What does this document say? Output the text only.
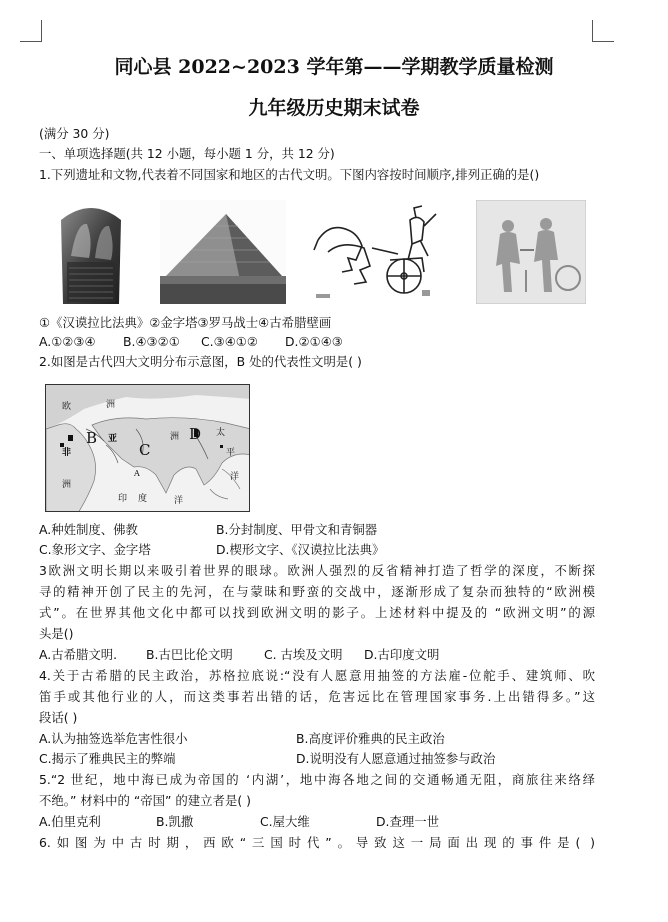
同心县 2022~2023 学年第——学期教学质量检测
九年级历史期末试卷
(满分 30 分)
一、单项选择题(共 12 小题，每小题 1 分，共 12 分)
1.下列遗址和文物,代表着不同国家和地区的古代文明。下图内容按时间顺序,排列正确的是()
①《汉谟拉比法典》②金字塔③罗马战士④古希腊壁画
A.①②③④ B.④③②① C.③④①② D.②①④③
2.如图是古代四大文明分布示意图，B 处的代表性文明是( )
欧	洲
B 亚
C
D
非
洲
洲	太
平
洋
印 度	洋
A
A.种姓制度、佛教	B.分封制度、甲骨文和青铜器
C.象形文字、金字塔	D.楔形文字、《汉谟拉比法典》
3欧洲文明长期以来吸引着世界的眼球。欧洲人强烈的反省精神打造了哲学的深度，不断探
寻的精神开创了民主的先河，在与蒙昧和野蛮的交战中，逐渐形成了复杂而独特的“欧洲模
式”。在世界其他文化中都可以找到欧洲文明的影子。上述材料中提及的 “欧洲文明”的源
头是()
A.古希腊文明. B.古巴比伦文明	C. 古埃及文明 D.古印度文明
4.关于古希腊的民主政治，苏格拉底说:“没有人愿意用抽签的方法雇-位舵手、建筑师、吹
笛手或其他行业的人，而这类事若出错的话，危害远比在管理国家事务.上出错得多。”这
段话( )
A.认为抽签选举危害性很小	B.高度评价雅典的民主政治
C.揭示了雅典民主的弊端	D.说明没有人愿意通过抽签参与政治
5.“2 世纪，地中海已成为帝国的 ‘内湖’，地中海各地之间的交通畅通无阻，商旅往来络绎
不绝。” 材料中的 “帝国” 的建立者是( )
A.伯里克利	B.凯撒	C.屋大维	D.查理一世
6.如图为中古时期，西欧“三国时代”。导致这一局面出现的事件是( )
